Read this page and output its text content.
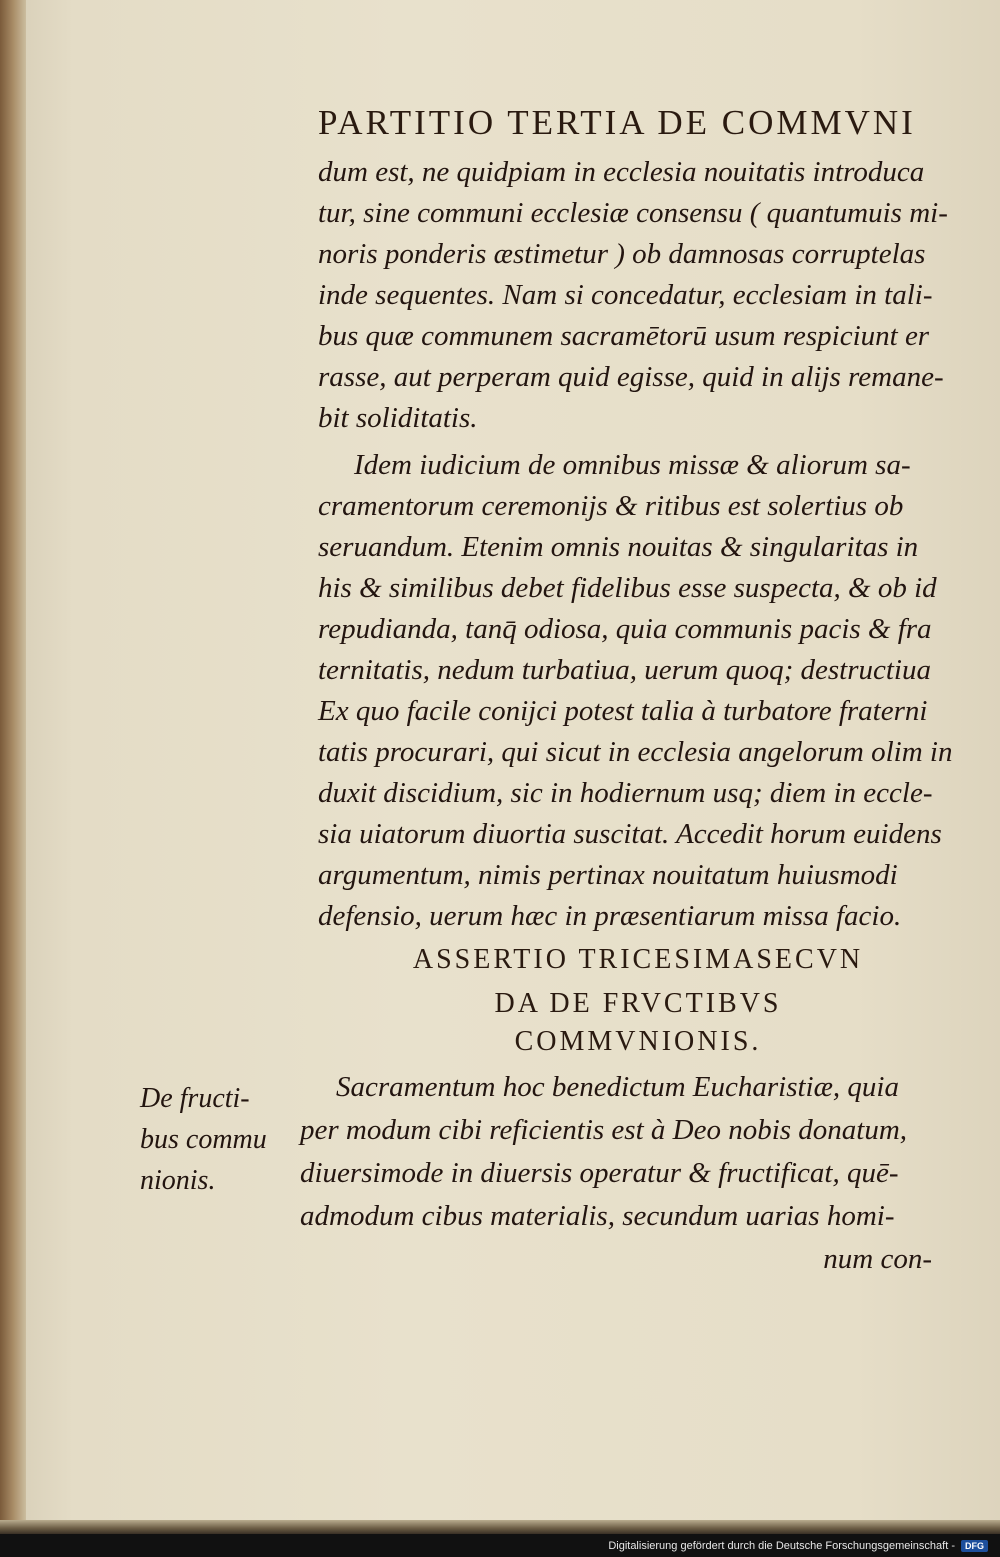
PARTITIO TERTIA DE COMMVNI
dum est, ne quidpiam in ecclesia nouitatis introduca
tur, sine communi ecclesiæ consensu ( quantumuis mi-
noris ponderis æstimetur ) ob damnosas corruptelas
inde sequentes. Nam si concedatur, ecclesiam in tali-
bus quæ communem sacramētorū usum respiciunt er
rasse, aut perperam quid egisse, quid in alijs remane-
bit soliditatis.
Idem iudicium de omnibus missæ & aliorum sa-
cramentorum ceremonijs & ritibus est solertius ob
seruandum. Etenim omnis nouitas & singularitas in
his & similibus debet fidelibus esse suspecta, & ob id
repudianda, tanq̄ odiosa, quia communis pacis & fra
ternitatis, nedum turbatiua, uerum quoq; destructiua
Ex quo facile conijci potest talia à turbatore fraterni
tatis procurari, qui sicut in ecclesia angelorum olim in
duxit discidium, sic in hodiernum usq; diem in eccle-
sia uiatorum diuortia suscitat. Accedit horum euidens
argumentum, nimis pertinax nouitatum huiusmodi
defensio, uerum hæc in præsentiarum missa facio.
ASSERTIO TRICESIMASECVN
DA DE FRVCTIBVS
COMMVNIONIS.
Sacramentum hoc benedictum Eucharistiæ, quia
per modum cibi reficientis est à Deo nobis donatum,
diuersimode in diuersis operatur & fructificat, quē-
admodum cibus materialis, secundum uarias homi-
num con-
De fructi-
bus commu
nionis.
Digitalisierung gefördert durch die Deutsche Forschungsgemeinschaft -	DFG
